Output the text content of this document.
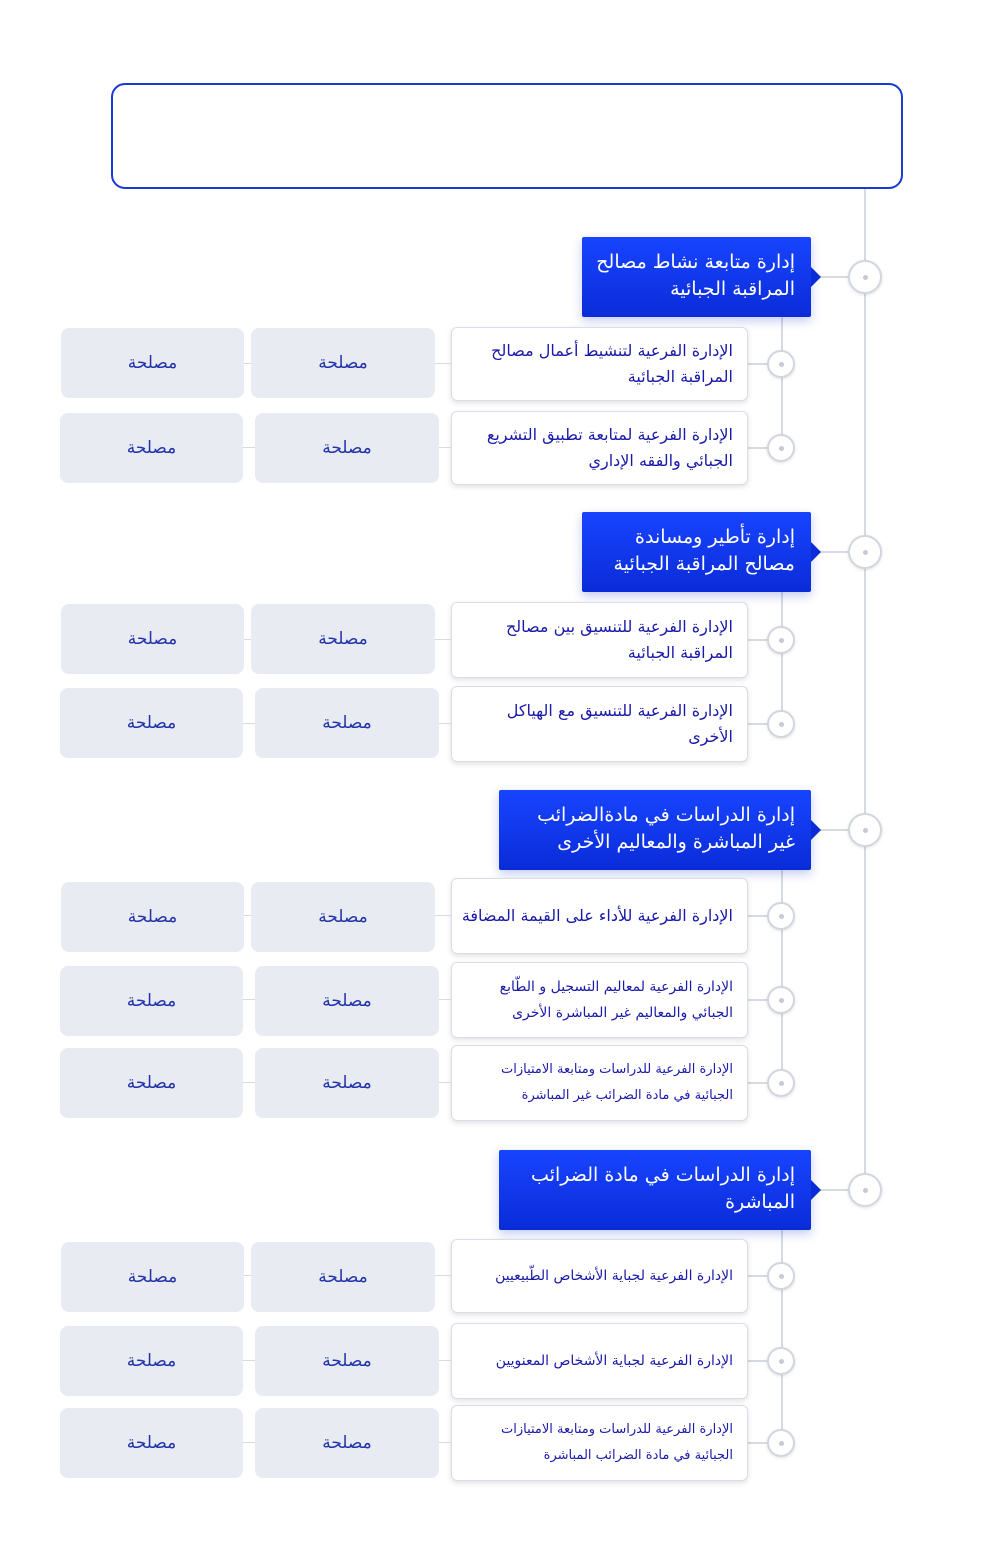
إدارة متابعة نشاط مصالح المراقبة الجبائية
الإدارة الفرعية لتنشيط أعمال مصالح المراقبة الجبائية
مصلحة	مصلحة
الإدارة الفرعية لمتابعة تطبيق التشريع الجبائي والفقه الإداري
مصلحة	مصلحة
إدارة تأطير ومساندة مصالح المراقبة الجبائية
الإدارة الفرعية للتنسيق بين مصالح المراقبة الجبائية
مصلحة	مصلحة
الإدارة الفرعية للتنسيق مع الهياكل الأخرى
مصلحة	مصلحة
إدارة الدراسات في مادةالضرائب غير المباشرة والمعاليم الأخرى
الإدارة الفرعية للأداء على القيمة المضافة
مصلحة	مصلحة
الإدارة الفرعية لمعاليم التسجيل و الطّابع الجبائي والمعاليم غير المباشرة الأخرى
مصلحة	مصلحة
الإدارة الفرعية للدراسات ومتابعة الامتيازات الجبائية في مادة الضرائب غير المباشرة
مصلحة	مصلحة
إدارة الدراسات في مادة الضرائب المباشرة
الإدارة الفرعية لجباية الأشخاص الطّبيعيين
مصلحة	مصلحة
الإدارة الفرعية لجباية الأشخاص المعنويين
مصلحة	مصلحة
الإدارة الفرعية للدراسات ومتابعة الامتيازات الجبائية في مادة الضرائب المباشرة
مصلحة	مصلحة
